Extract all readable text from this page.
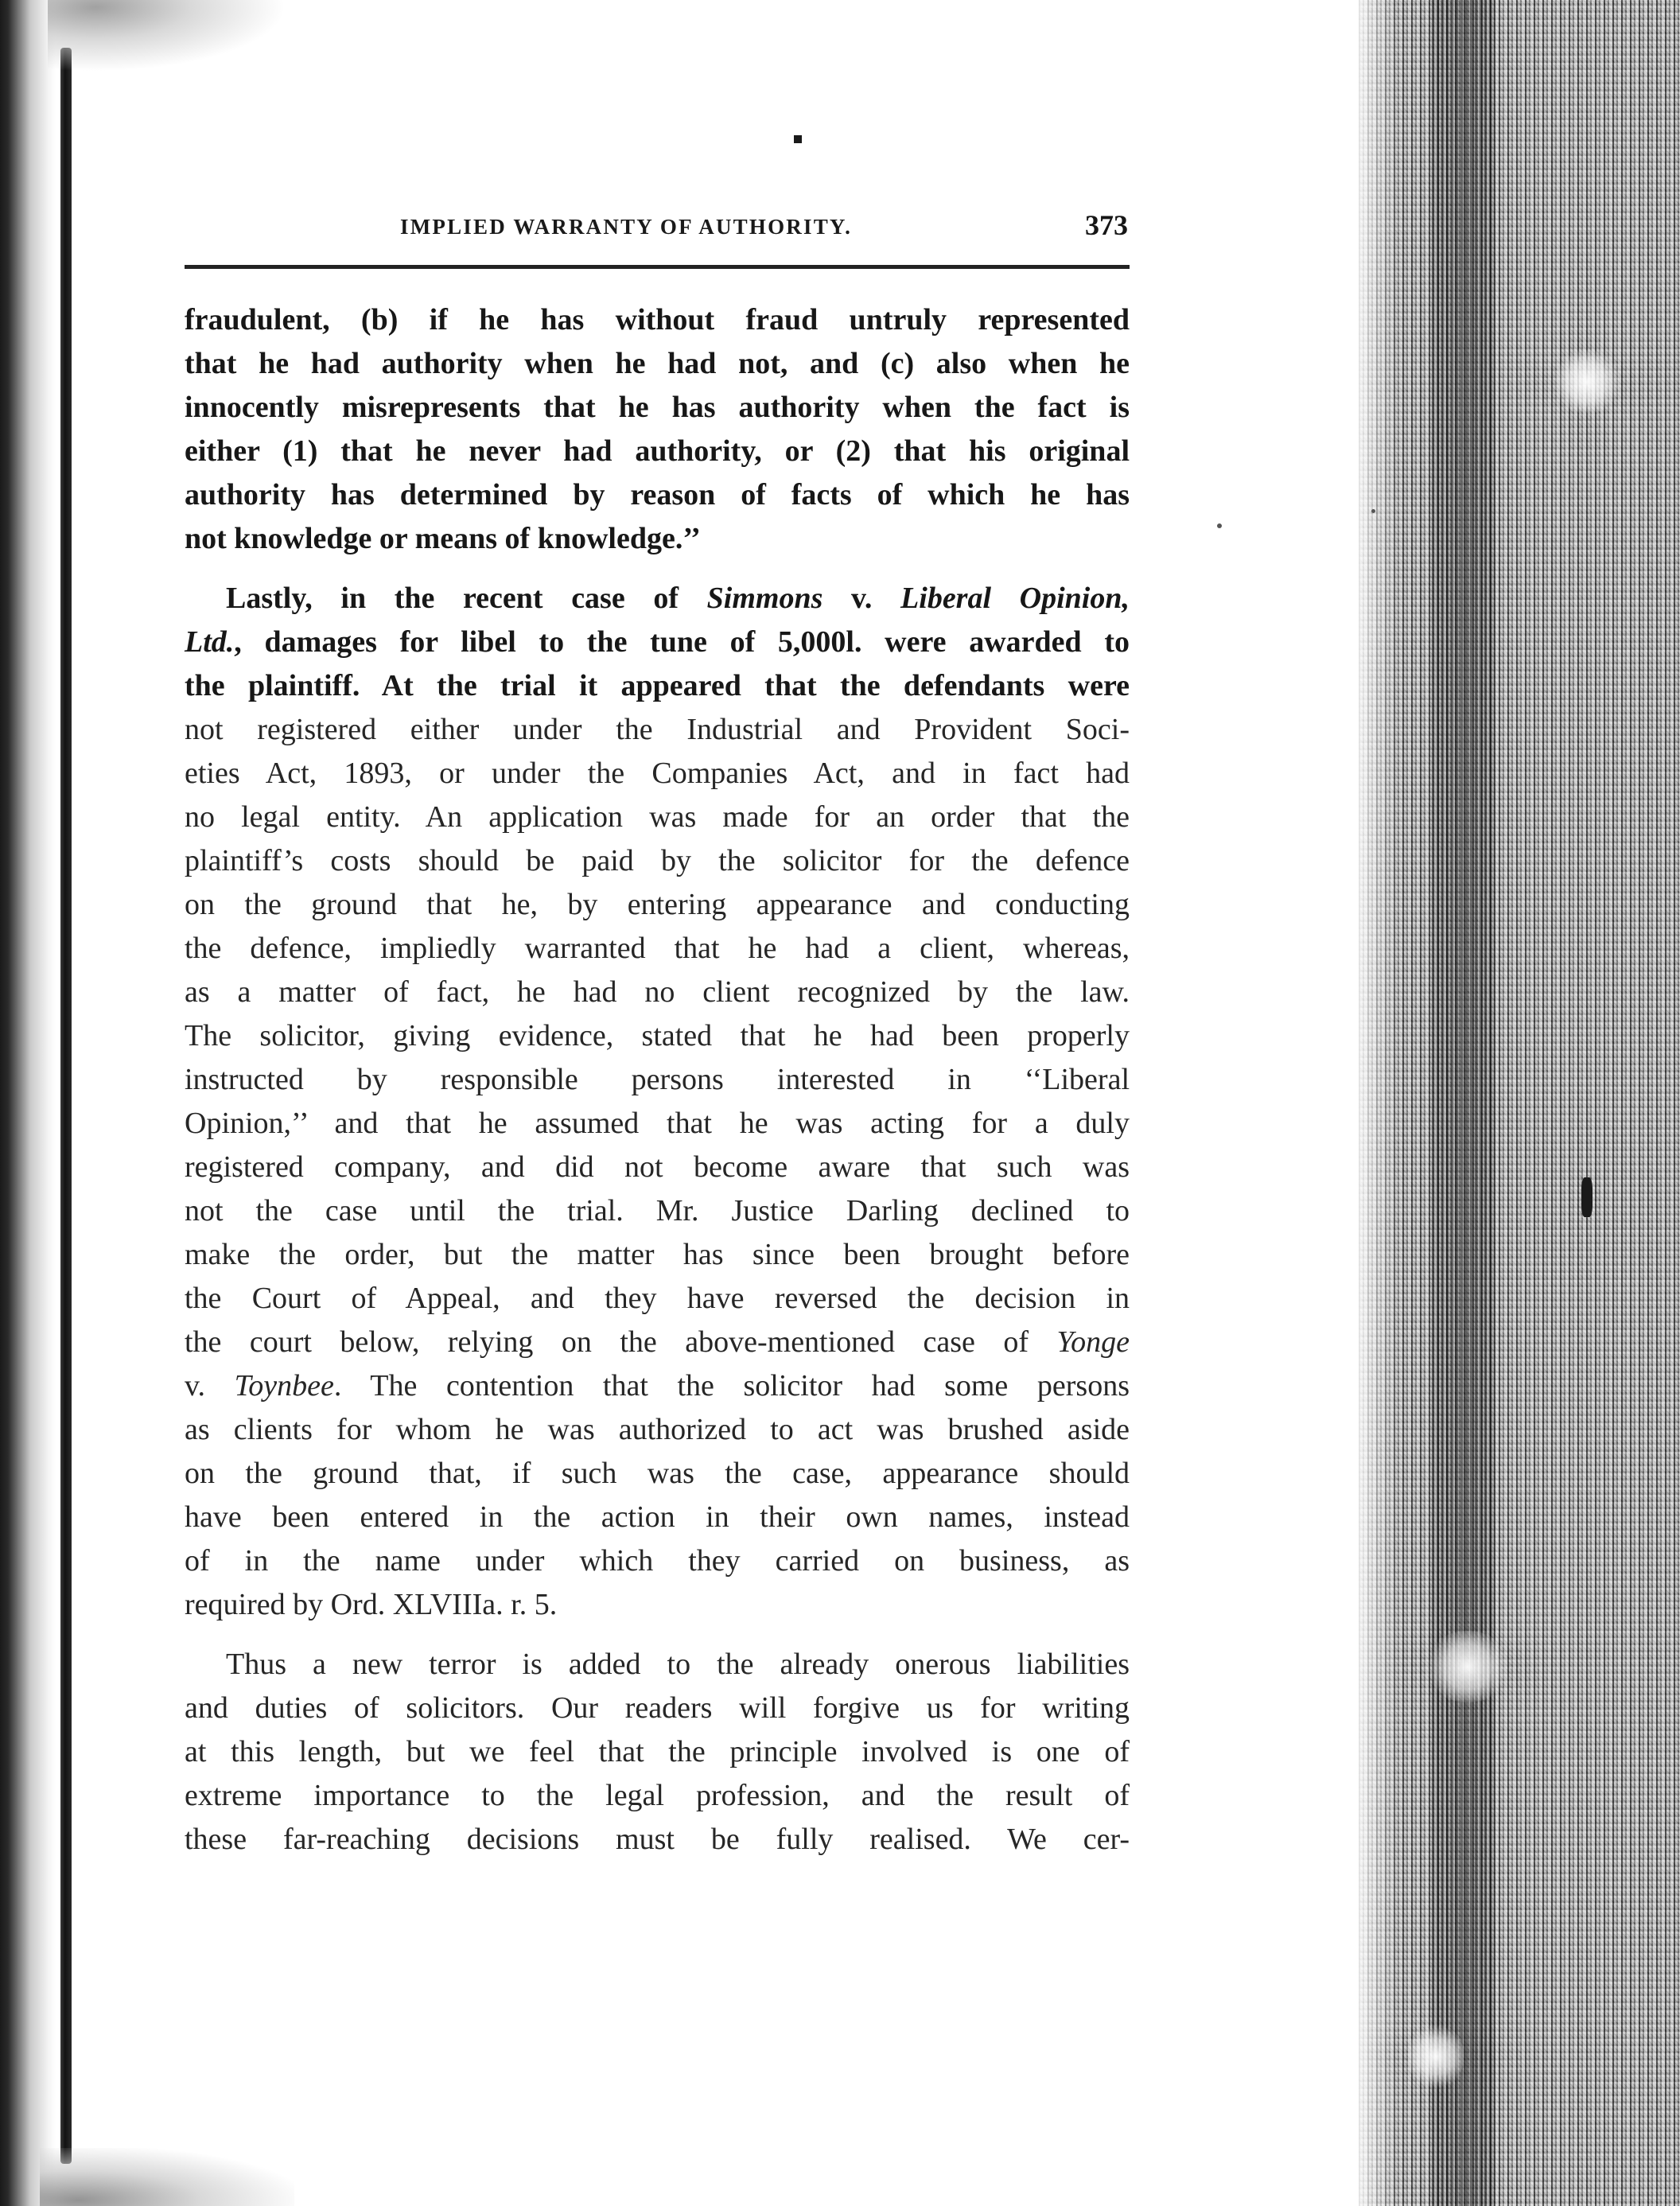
IMPLIED WARRANTY OF AUTHORITY.	373
fraudulent, (b) if he has without fraud untruly represented
that he had authority when he had not, and (c) also when he
innocently misrepresents that he has authority when the fact is
either (1) that he never had authority, or (2) that his original
authority has determined by reason of facts of which he has
not knowledge or means of knowledge.’’
Lastly, in the recent case of Simmons v. Liberal Opinion,
Ltd., damages for libel to the tune of 5,000l. were awarded to
the plaintiff. At the trial it appeared that the defendants were
not registered either under the Industrial and Provident Soci-
eties Act, 1893, or under the Companies Act, and in fact had
no legal entity. An application was made for an order that the
plaintiff’s costs should be paid by the solicitor for the defence
on the ground that he, by entering appearance and conducting
the defence, impliedly warranted that he had a client, whereas,
as a matter of fact, he had no client recognized by the law.
The solicitor, giving evidence, stated that he had been properly
instructed by responsible persons interested in ‘‘Liberal
Opinion,’’ and that he assumed that he was acting for a duly
registered company, and did not become aware that such was
not the case until the trial. Mr. Justice Darling declined to
make the order, but the matter has since been brought before
the Court of Appeal, and they have reversed the decision in
the court below, relying on the above-mentioned case of Yonge
v. Toynbee. The contention that the solicitor had some persons
as clients for whom he was authorized to act was brushed aside
on the ground that, if such was the case, appearance should
have been entered in the action in their own names, instead
of in the name under which they carried on business, as
required by Ord. XLVIIIa. r. 5.
Thus a new terror is added to the already onerous liabilities
and duties of solicitors. Our readers will forgive us for writing
at this length, but we feel that the principle involved is one of
extreme importance to the legal profession, and the result of
these far-reaching decisions must be fully realised. We cer-
